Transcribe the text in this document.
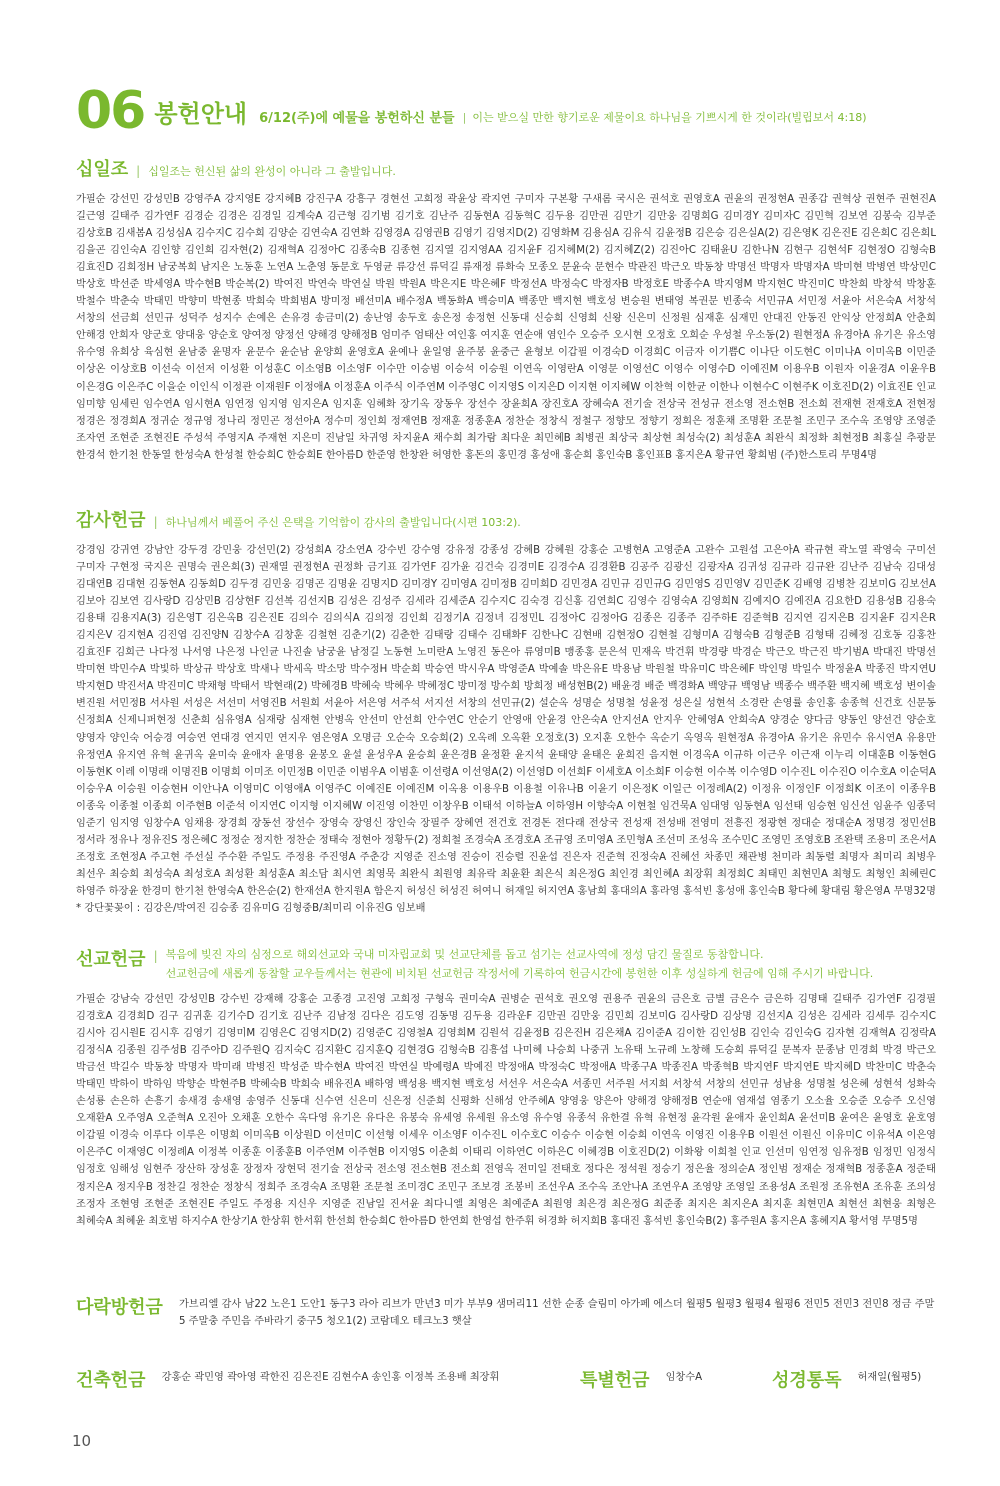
06 봉헌안내 6/12(주)에 예물을 봉헌하신 분들 | 이는 받으실 만한 향기로운 제물이요 하나님을 기쁘시게 한 것이라(빌립보서 4:18)
십일조 | 십일조는 헌신된 삶의 완성이 아니라 그 출발입니다.
가필순 강선민 강성민B 강영주A 강지영E 강지혜B 강진구A 강흥구 경현선 고희정 곽윤상 곽지연 구미자 구본황 구새롬 국시은 권석호 권영호A 권윤의 권정현A 권종갑 권혁상 권현주 권현진A 길근영 길태주 김가연F 김경순 김경은 김경일 김계숙A 김근형 김기범 김기호 김난주 김동현A 김동혁C 김두용 김만권 김만기 김만웅 김명희G 김미경Y 김미자C 김민혁 김보연 김봉숙 김부준 김상호B 김새봄A 김성심A 김수지C 김수희 김양순 김연숙A 김연화 김영경A 김영권B 김영기 김영지D(2) 김영화M 김용심A 김유식 김윤정B 김은승 김은실A(2) 김은영K 김은진E 김은희C 김은희L 김을곤 김인숙A 김인향 김인희 김자현(2) 김재혁A 김정아C 김종숙B 김종현 김지열 김지영AA 김지윤F 김지혜M(2) 김지혜Z(2) 김진아C 김태윤U 김한나N 김현구 김현석F 김현정O 김형숙B 김효진D 김희정H 남궁복희 남지은 노동훈 노연A 노춘영 동문호 두영균 류강선 류덕길 류재정 류화숙 모종오 문윤숙 문현수 박관진 박근오 박동창 박명선 박명자 박명자A 박미현 박병연 박상민C 박상호 박선준 박세영A 박수현B 박순복(2) 박여진 박연숙 박연실 박원 박원A 박은지E 박은혜F 박정선A 박정숙C 박정자B 박정호E 박종수A 박지영M 박지현C 박진미C 박찬희 박창석 박창훈 박철수 박춘숙 박태민 박향미 박현종 박희숙 박희범A 방미정 배선미A 배수정A 백동화A 백승미A 백종만 백지현 백호성 변승원 변태영 복권문 빈종숙 서민규A 서민정 서윤아 서은숙A 서창석 서창의 선금희 선민규 성덕주 성지수 손예은 손유경 송금미(2) 송난영 송두호 송은정 송정현 신동대 신승희 신영희 신왕 신은미 신정원 심재훈 심재민 안대진 안동진 안익상 안정희A 안춘희 안해경 안희자 양군호 양대웅 양순호 양여정 양정선 양해경 양해정B 엄미주 엄태산 여인홍 여지훈 연순애 염인수 오승주 오시현 오정호 오희순 우성철 우소동(2) 원현정A 유경아A 유기은 유소영 유수영 유희상 육심현 윤남중 윤명자 윤문수 윤순남 윤양희 윤영호A 윤예나 윤일영 윤주봉 윤중근 윤형보 이갑필 이경숙D 이경희C 이금자 이기쁨C 이나단 이도현C 이미나A 이미옥B 이민준 이상온 이상호B 이선숙 이선저 이성환 이성훈C 이소영B 이소영F 이수만 이승범 이승석 이승원 이연옥 이영란A 이영문 이영선C 이영수 이영수D 이예진M 이용우B 이원자 이윤경A 이윤우B 이은경G 이은주C 이을순 이인식 이정관 이재원F 이정애A 이정훈A 이주식 이주연M 이주영C 이지영S 이지은D 이지현 이지혜W 이찬혁 이한균 이한나 이현수C 이현주K 이호진D(2) 이효진E 인교 임미향 임세린 임수연A 임시현A 임연정 임지영 임지은A 임지훈 임혜화 장기옥 장동우 장선수 장윤희A 장진호A 장혜숙A 전기술 전상국 전성규 전소영 전소현B 전소희 전재현 전재호A 전현정 정경은 정경희A 정귀순 정규영 정나리 정민곤 정선아A 정수미 정인희 정재연B 정재훈 정종훈A 정찬순 정창식 정철구 정향모 정향기 정회은 정훈채 조명환 조문철 조민구 조수옥 조영양 조영준 조자연 조현준 조현진E 주성석 주영지A 주재현 지은미 진남일 차귀영 차지윤A 채수희 최가람 최다운 최민혜B 최병권 최상국 최상현 최성숙(2) 최성훈A 최완식 최정화 최현정B 최홍실 추광문 한경석 한기천 한동열 한성숙A 한성철 한승희C 한승희E 한아름D 한준영 한창완 허영한 홍돈의 홍민경 홍성애 홍순희 홍인숙B 홍인표B 홍지은A 황규연 황희범 (주)한스토리 무명4명
감사헌금 | 하나님께서 베풀어 주신 은택을 기억함이 감사의 출발입니다(시편 103:2).
강경임 강귀연 강남안 강두경 강민웅 강선민(2) 강성희A 강소연A 강수빈 강수영 강유정 강종성 강혜B 강혜원 강홍순 고병현A 고영준A 고완수 고원섭 고은아A 곽규현 곽노열 곽영숙 구미선 구미자 구현정 국지은 권명숙 권은희(3) 권재열 권정현A 권정화 금기표 김가연F 김가윤 김건숙 김경미E 김경수A 김경환B 김공주 김광신 김광자A 김귀성 김규라 김규완 김난주 김남숙 김대성 김대연B 김대현 김동현A 김동희D 김두경 김민웅 김명곤 김명윤 김명지D 김미경Y 김미영A 김미정B 김미희D 김민경A 김민규 김민규G 김민영S 김민영V 김민준K 김배영 김병찬 김보미G 김보선A 김보아 김보연 김사랑D 김상민B 김상현F 김선복 김선지B 김성은 김성주 김세라 김세준A 김수지C 김숙경 김신홍 김연희C 김영수 김영숙A 김영희N 김예지O 김예진A 김요한D 김용성B 김용숙 김용태 김용지A(3) 김은영T 김은옥B 김은진E 김의수 김의식A 김의정 김인희 김정기A 김정녀 김정민L 김정아C 김정아G 김종은 김종주 김주하E 김준혁B 김지연 김지은B 김지윤F 김지은R 김지은V 김지현A 김진엽 김진양N 김창수A 김창훈 김철현 김춘기(2) 김춘한 김태랑 김태수 김태화F 김한나C 김현배 김현정O 김현철 김형미A 김형숙B 김형준B 김형태 김혜정 김호동 김홍찬 김효진F 김희근 나다정 나서영 나은정 나인균 나진솔 남궁윤 남정길 노동현 노미란A 노영진 동은아 류영미B 맹종홍 문은석 민재옥 박건휘 박경량 박경순 박근오 박근진 박기범A 박대진 박명선 박미현 박민수A 박빛하 박상규 박상호 박새나 박세옥 박소망 박수정H 박순희 박승연 박시우A 박영준A 박예솔 박은유E 박용남 박원철 박유미C 박은혜F 박인명 박일수 박정윤A 박종진 박지연U 박지현D 박진서A 박진미C 박채형 박태서 박현래(2) 박혜경B 박혜숙 박혜우 박혜정C 방미정 방수희 방희정 배성현B(2) 배윤경 배준 백경화A 백양규 백영남 백종수 백주환 백지혜 백호성 변이솔 변진원 서민정B 서사원 서성은 서선미 서영진B 서원희 서윤아 서은영 서주석 서지선 서창의 선민규(2) 설순옥 성명순 성명철 성윤정 성은실 성현석 소경란 손영률 송인홍 송종혁 신건호 신문동 신정희A 신제니퍼현정 신춘희 심유영A 심재랑 심재현 안병옥 안선미 안선희 안수연C 안순기 안영애 안윤경 안은숙A 안지선A 안지우 안혜영A 안희숙A 양경순 양다금 양동인 양선건 양순호 양영자 양인숙 어승경 여승연 연대경 연지민 연지우 염은영A 오명금 오순숙 오승희(2) 오옥례 오옥환 오정호(3) 오지훈 오한수 옥순기 옥영옥 원현정A 유경아A 유기은 유민수 유시연A 유용만 유정연A 유지연 유혁 윤귀옥 윤미숙 윤애자 윤명용 윤봉오 윤설 윤성우A 윤승희 윤은경B 윤정환 윤지석 윤태양 윤태은 윤희진 음지현 이경옥A 이규하 이근우 이근재 이누리 이대훈B 이동현G 이동현K 이레 이명래 이명진B 이명희 이미조 이민정B 이민준 이범우A 이범훈 이선령A 이선영A(2) 이선영D 이선희F 이세호A 이소희F 이승현 이수복 이수영D 이수진L 이수진O 이수호A 이순덕A 이승우A 이승원 이승현H 이안나A 이영미C 이영애A 이영주C 이예진E 이예진M 이옥용 이용우B 이용철 이유나B 이윤기 이은정K 이일근 이정례A(2) 이정유 이정인F 이정희K 이조이 이종우B 이종욱 이종철 이종희 이주현B 이준석 이지연C 이지형 이지혜W 이진영 이찬민 이창우B 이태석 이하늘A 이하영H 이향숙A 이현철 임건묵A 임대영 임동현A 임선태 임승현 임신선 임윤주 임종덕 임준기 임지영 임창수A 임채용 장경희 장동선 장선수 장영숙 장영신 장인숙 장필주 장혜연 전건호 전경돈 전다래 전상국 전성재 전성배 전영미 전흥진 정광현 정대순 정대순A 정명경 정민선B 정서라 정유나 정유진S 정은혜C 정정순 정지한 정찬순 정태숙 정현아 정황두(2) 정희철 조경숙A 조경호A 조규영 조미영A 조민형A 조선미 조성옥 조수민C 조영민 조영호B 조완택 조용미 조은서A 조정호 조현정A 주고현 주선실 주수환 주일도 주정용 주진영A 주춘강 지영준 진소영 진승이 진승렬 진윤섭 진은자 진준혁 진정숙A 진혜선 차종민 채관병 천미라 최동렬 최명자 최미리 최병우 최선우 최승희 최성숙A 최성호A 최성환 최성훈A 최소담 최시연 최영묵 최완식 최원영 최유락 최윤환 최은식 최은정G 최인경 최인혜A 최장휘 최정희C 최태민 최현민A 최형도 최형인 최혜린C 하영주 하장윤 한경미 한기천 한영숙A 한은순(2) 한재선A 한지원A 함은지 허성신 허성진 허여니 허재일 허지연A 홍남희 홍대의A 홍라영 홍석빈 홍성애 홍인숙B 황다혜 황대림 황은영A 무명32명 * 강단꽃꽂이 : 김강은/박여진 김승종 김유미G 김형중B/최미리 이유진G 임보배
선교헌금 | 복음에 빚진 자의 심정으로 해외선교와 국내 미자립교회 및 선교단체를 돕고 섬기는 선교사역에 정성 담긴 물질로 동참합니다.
선교헌금에 새롭게 동참할 교우들께서는 현관에 비치된 선교헌금 작정서에 기록하여 헌금시간에 봉헌한 이후 성실하게 헌금에 임해 주시기 바랍니다.
가필순 강남숙 강선민 강성민B 강수빈 강재해 강홍순 고종경 고진영 고희정 구형옥 권미숙A 권병순 권석호 권오영 권용주 권윤의 금은호 금별 금은수 금은하 김명태 길태주 김가연F 김경필 김경호A 김경희D 김구 김귀훈 김기수D 김기호 김난주 김남정 김다은 김도영 김동명 김두용 김라운F 김만권 김만웅 김민희 김보미G 김사랑D 김상명 김선지A 김성은 김세라 김세루 김수지C 김시아 김시원E 김시후 김영기 김영미M 김영은C 김영지D(2) 김영준C 김영철A 김영희M 김원석 김윤정B 김은진H 김은채A 김이준A 김이한 김인성B 김인숙 김인숙G 김자현 김재혁A 김정락A 김정식A 김종원 김주성B 김주아D 김주원Q 김지숙C 김지환C 김지훈Q 김현경G 김형숙B 김흥섭 나미혜 나승희 나중귀 노유태 노규례 노창해 도승희 류덕길 문복자 문종남 민경희 박경 박근오 박금선 박길수 박동창 박명자 박미래 박병진 박성준 박수현A 박여진 박연실 박예령A 박예진 박정애A 박정숙C 박정애A 박종구A 박종진A 박종혁B 박지연F 박지연E 박지혜D 박찬미C 박춘숙 박태민 박하이 박하임 박향순 박현주B 박혜숙B 박희숙 배유진A 배하영 백성용 백지현 백호성 서선우 서은숙A 서종민 서주원 서지희 서창석 서창의 선민규 성남용 성명철 성은혜 성현석 성화숙 손성룡 손은하 손흥기 송새경 송새영 송영주 신동대 신수연 신은미 신은정 신준희 신평화 신해성 안주혜A 양영웅 양은아 양해경 양해정B 연순애 염재섭 염종기 오소율 오승준 오승주 오신영 오재환A 오주영A 오준혁A 오진아 오채훈 오한수 옥다영 유기은 유다은 유봉숙 유세영 유세원 유소영 유수영 유종석 유한결 유혁 유현정 윤각원 윤애자 윤인희A 윤선미B 윤여은 윤영호 윤호영 이갑필 이경숙 이루다 이루은 이명희 이미옥B 이상원D 이선미C 이선형 이세우 이소영F 이수진L 이수호C 이승수 이승현 이승희 이연옥 이영진 이용우B 이원선 이원신 이유미C 이유석A 이은영 이은주C 이재영C 이정례A 이정복 이종훈 이종훈B 이주연M 이주현B 이지영S 이춘희 이태리 이하연C 이하은C 이혜경B 이호진D(2) 이화왕 이희철 인교 인선미 임연정 임유정B 임정민 임정식 임정호 임해성 임현주 장산하 장성훈 장정자 장현덕 전기술 전상국 전소영 전소현B 전소희 전영옥 전미일 전태호 정다은 정석원 정승기 정은율 정의순A 정인범 정재순 정재혁B 정종훈A 정준태 정지은A 정지우B 정찬길 정찬순 정창식 정희주 조경숙A 조명환 조문철 조미경C 조민구 조보경 조봉비 조선우A 조수옥 조안나A 조연우A 조영양 조영일 조용성A 조원정 조유현A 조유훈 조의성 조정자 조현영 조현준 조현진E 주일도 주정용 지신우 지영준 진남일 진서윤 최다니엘 최영은 최예준A 최원영 최은경 최은정G 최준종 최지은 최지은A 최지훈 최현민A 최현선 최현웅 최형은 최혜숙A 최혜윤 최호범 하지수A 한상기A 한상휘 한서휘 한선희 한승희C 한아름D 한연희 한영섭 한주휘 허경화 허지희B 홍대진 홍석빈 홍인숙B(2) 홍주원A 홍지은A 홍혜지A 황서영 무명5명
다락방헌금 가브리엘 감사 남22 노은1 도안1 동구3 라아 리브가 만년3 미가 부부9 샘머리11 선한 순종 슬림미 아가페 에스더 월평5 월평3 월평4 월평6 전민5 전민3 전민8 정금 주말5 주말충 주민음 주바라기 중구5 청오1(2) 코람데오 테크노3 햇살
건축헌금 강홍순 곽민영 곽아영 곽한진 김은진E 김현수A 송인홍 이정복 조용배 최장휘	특별헌금 임창수A	성경통독 허재일(월평5)
10
